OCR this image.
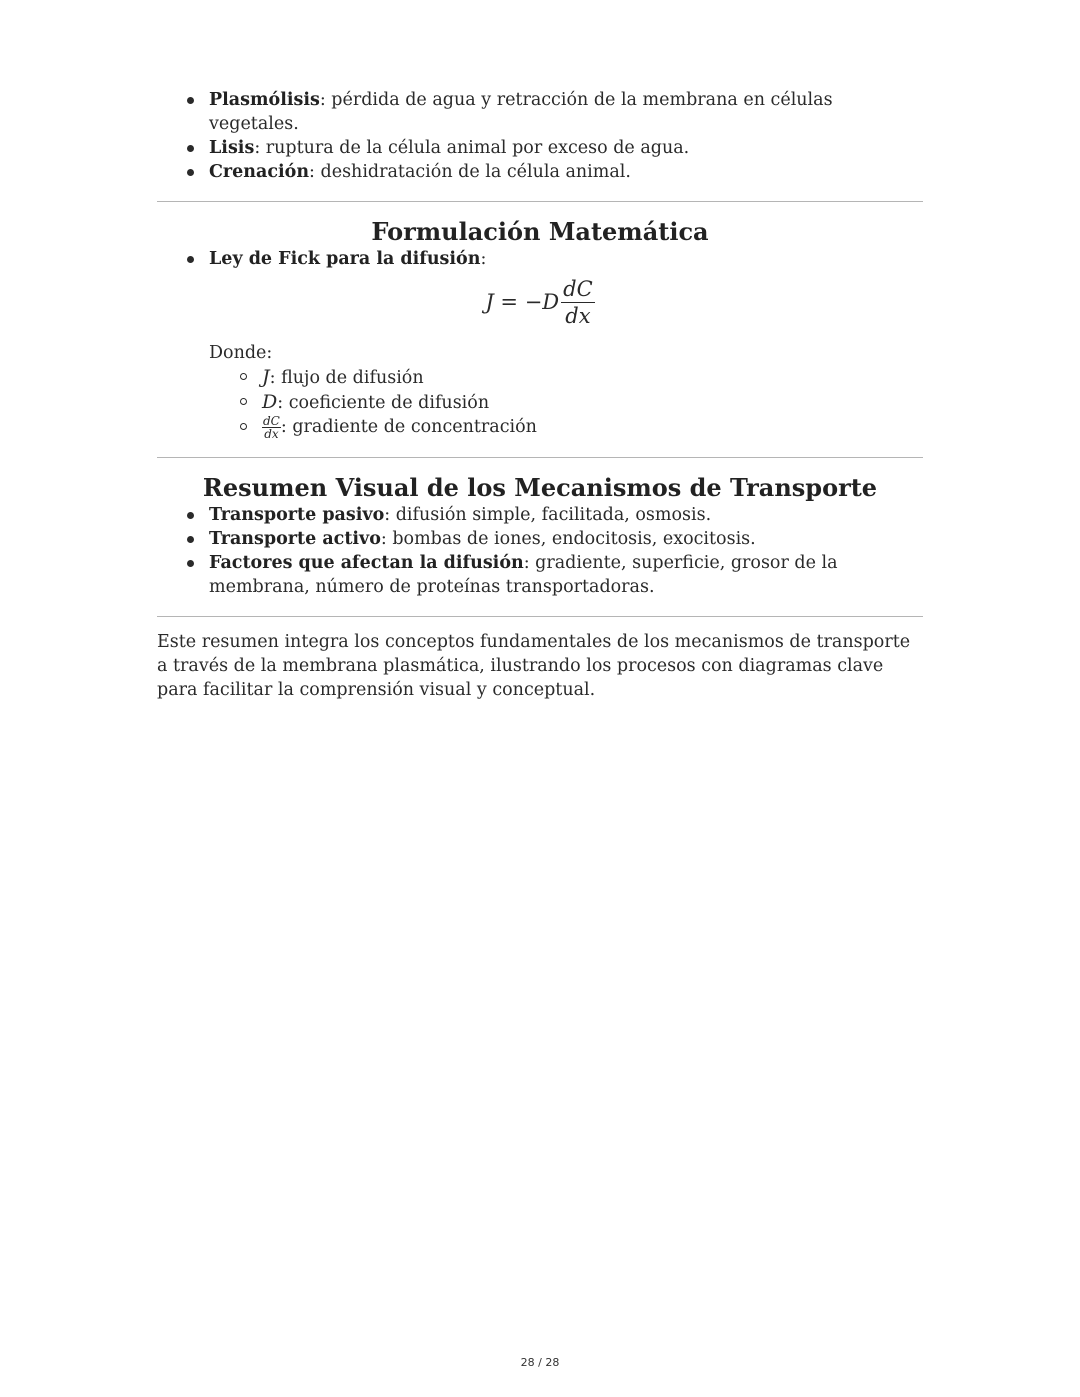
Plasmólisis: pérdida de agua y retracción de la membrana en células vegetales.
Lisis: ruptura de la célula animal por exceso de agua.
Crenación: deshidratación de la célula animal.
Formulación Matemática
Ley de Fick para la difusión:
$J = -D \frac{dC}{dx}$
Donde:
J: flujo de difusión
D: coeficiente de difusión
$\frac{dC}{dx}$ : gradiente de concentración
Resumen Visual de los Mecanismos de Transporte
Transporte pasivo: difusión simple, facilitada, osmosis.
Transporte activo: bombas de iones, endocitosis, exocitosis.
Factores que afectan la difusión: gradiente, superficie, grosor de la membrana, número de proteínas transportadoras.

Este resumen integra los conceptos fundamentales de los mecanismos de transporte a través de la membrana plasmática, ilustrando los procesos con diagramas clave para facilitar la comprensión visual y conceptual.

28 / 28
